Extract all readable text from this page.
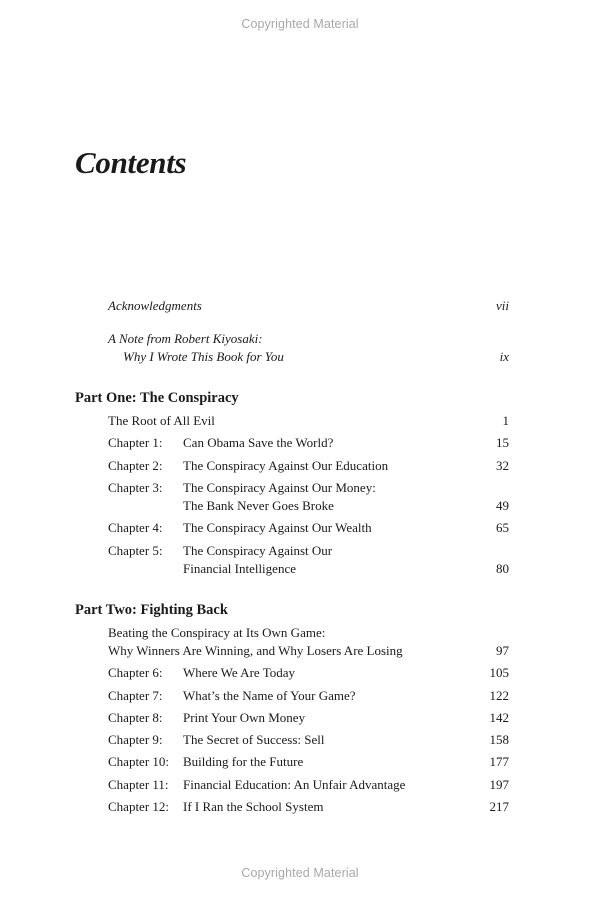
Copyrighted Material
Contents
Acknowledgments	vii
A Note from Robert Kiyosaki:
Why I Wrote This Book for You	ix
Part One: The Conspiracy
The Root of All Evil	1
Chapter 1: Can Obama Save the World?	15
Chapter 2: The Conspiracy Against Our Education	32
Chapter 3: The Conspiracy Against Our Money:
The Bank Never Goes Broke	49
Chapter 4: The Conspiracy Against Our Wealth	65
Chapter 5: The Conspiracy Against Our
Financial Intelligence	80
Part Two: Fighting Back
Beating the Conspiracy at Its Own Game:
Why Winners Are Winning, and Why Losers Are Losing	97
Chapter 6: Where We Are Today	105
Chapter 7: What’s the Name of Your Game?	122
Chapter 8: Print Your Own Money	142
Chapter 9: The Secret of Success: Sell	158
Chapter 10: Building for the Future	177
Chapter 11: Financial Education: An Unfair Advantage	197
Chapter 12: If I Ran the School System	217
Copyrighted Material
